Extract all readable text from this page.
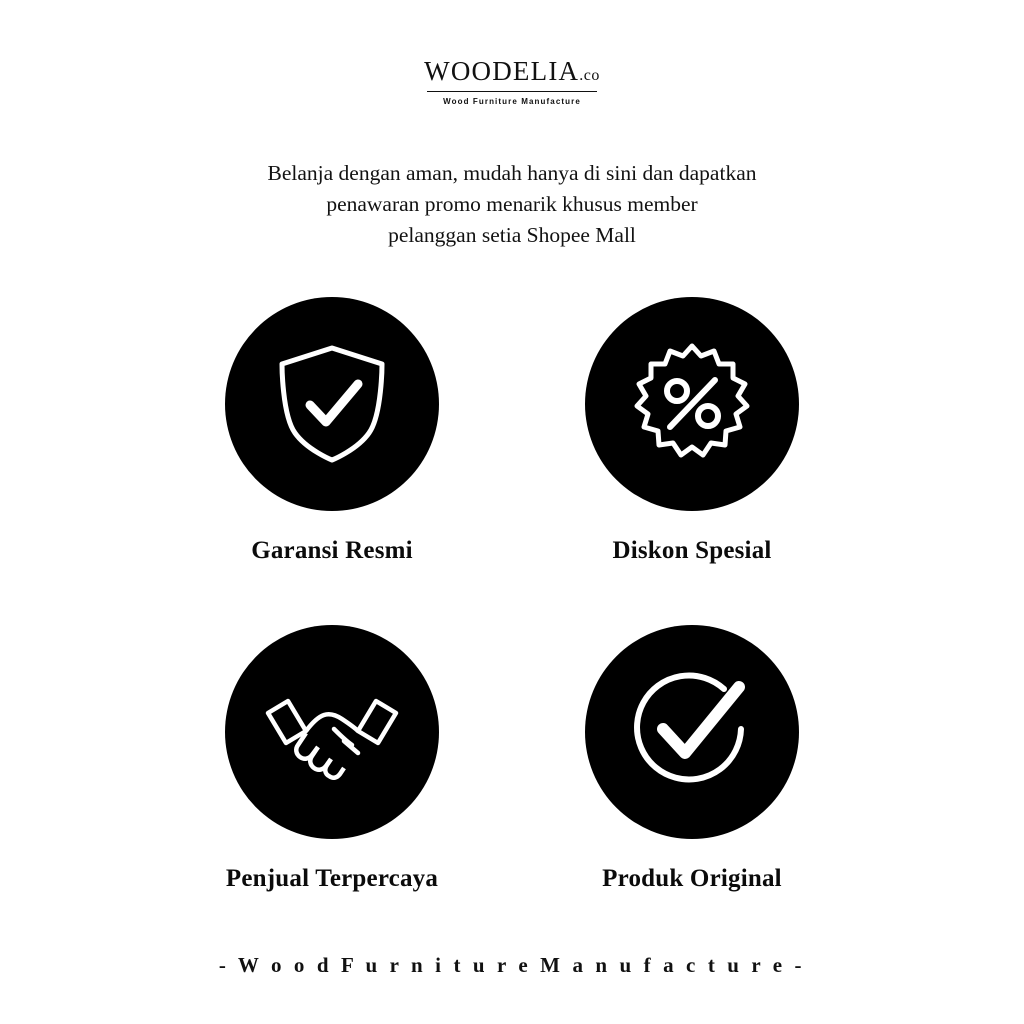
WOODELIA.co
Wood Furniture Manufacture
Belanja dengan aman, mudah hanya di sini dan dapatkan
penawaran promo menarik khusus member
pelanggan setia Shopee Mall
Garansi Resmi	Diskon Spesial
Penjual Terpercaya	Produk Original
- W o o d F u r n i t u r e M a n u f a c t u r e -
